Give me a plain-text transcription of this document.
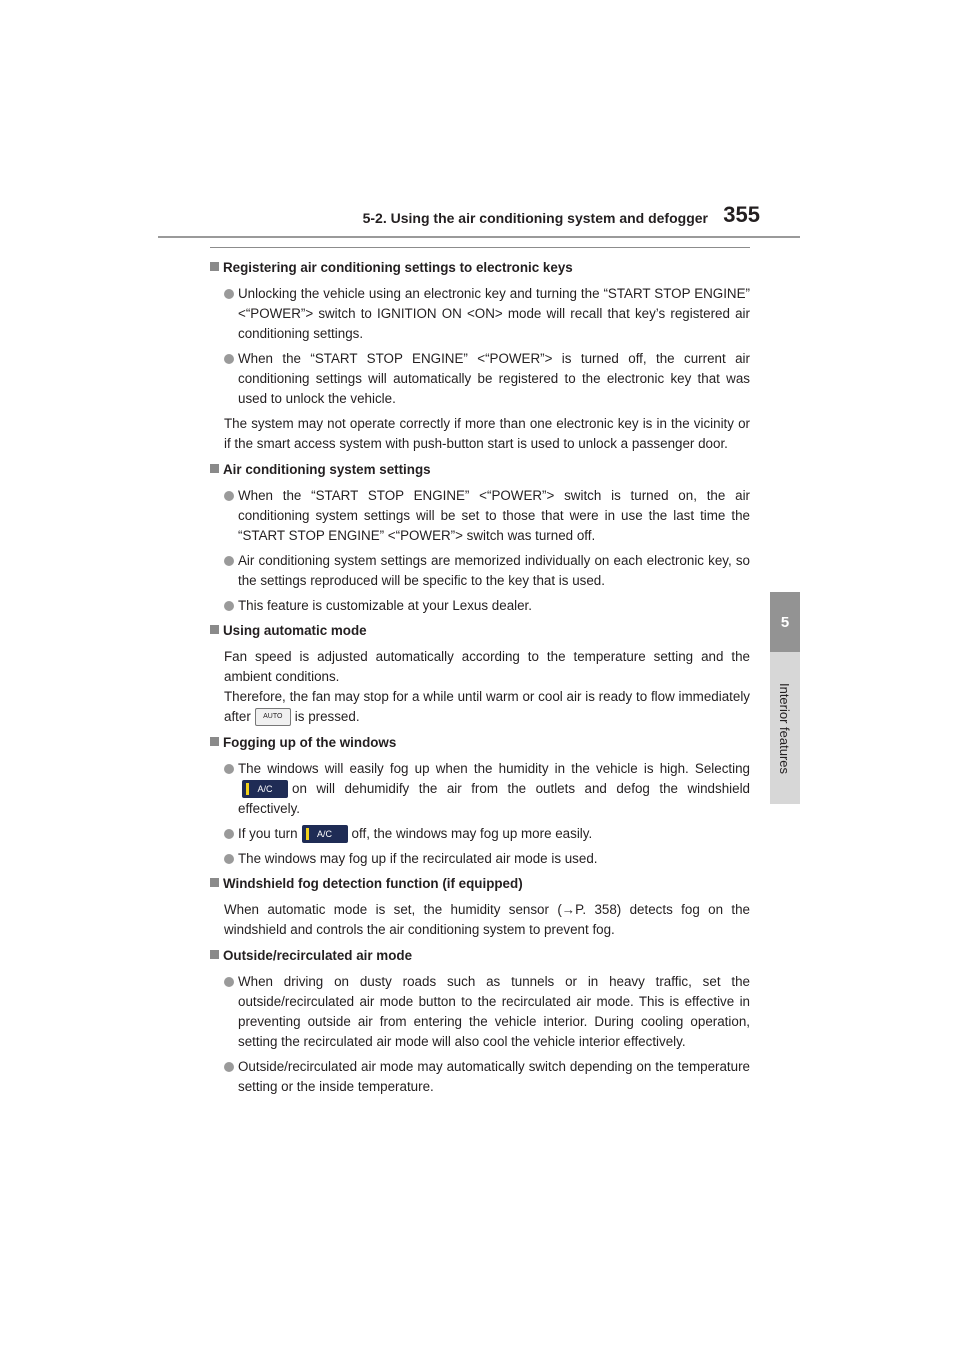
5-2. Using the air conditioning system and defogger 355
5
Interior features
Registering air conditioning settings to electronic keys
Unlocking the vehicle using an electronic key and turning the “START STOP ENGINE” <“POWER”> switch to IGNITION ON <ON> mode will recall that key’s registered air conditioning settings.
When the “START STOP ENGINE” <“POWER”> is turned off, the current air conditioning settings will automatically be registered to the electronic key that was used to unlock the vehicle.
The system may not operate correctly if more than one electronic key is in the vicinity or if the smart access system with push-button start is used to unlock a passenger door.
Air conditioning system settings
When the “START STOP ENGINE” <“POWER”> switch is turned on, the air conditioning system settings will be set to those that were in use the last time the “START STOP ENGINE” <“POWER”> switch was turned off.
Air conditioning system settings are memorized individually on each electronic key, so the settings reproduced will be specific to the key that is used.
This feature is customizable at your Lexus dealer.
Using automatic mode
Fan speed is adjusted automatically according to the temperature setting and the ambient conditions.
Therefore, the fan may stop for a while until warm or cool air is ready to flow immediately after AUTO is pressed.
Fogging up of the windows
The windows will easily fog up when the humidity in the vehicle is high. Selecting A/C on will dehumidify the air from the outlets and defog the windshield effectively.
If you turn A/C off, the windows may fog up more easily.
The windows may fog up if the recirculated air mode is used.
Windshield fog detection function (if equipped)
When automatic mode is set, the humidity sensor (→P. 358) detects fog on the windshield and controls the air conditioning system to prevent fog.
Outside/recirculated air mode
When driving on dusty roads such as tunnels or in heavy traffic, set the outside/recirculated air mode button to the recirculated air mode. This is effective in preventing outside air from entering the vehicle interior. During cooling operation, setting the recirculated air mode will also cool the vehicle interior effectively.
Outside/recirculated air mode may automatically switch depending on the temperature setting or the inside temperature.
